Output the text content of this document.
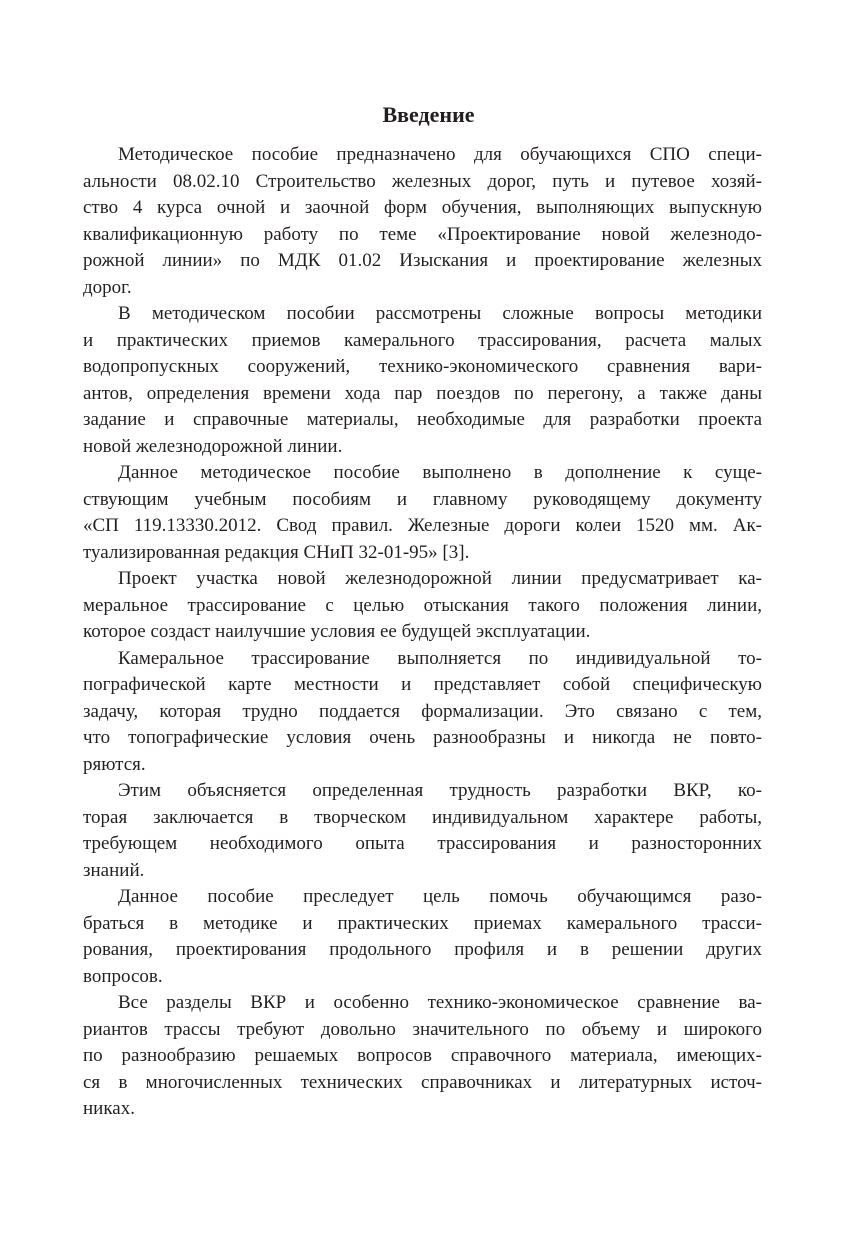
Введение
Методическое пособие предназначено для обучающихся СПО специ-
альности 08.02.10 Строительство железных дорог, путь и путевое хозяй-
ство 4 курса очной и заочной форм обучения, выполняющих выпускную
квалификационную работу по теме «Проектирование новой железнодо-
рожной линии» по МДК 01.02 Изыскания и проектирование железных
дорог.
В методическом пособии рассмотрены сложные вопросы методики
и практических приемов камерального трассирования, расчета малых
водопропускных сооружений, технико-экономического сравнения вари-
антов, определения времени хода пар поездов по перегону, а также даны
задание и справочные материалы, необходимые для разработки проекта
новой железнодорожной линии.
Данное методическое пособие выполнено в дополнение к суще-
ствующим учебным пособиям и главному руководящему документу
«СП 119.13330.2012. Свод правил. Железные дороги колеи 1520 мм. Ак-
туализированная редакция СНиП 32-01-95» [3].
Проект участка новой железнодорожной линии предусматривает ка-
меральное трассирование с целью отыскания такого положения линии,
которое создаст наилучшие условия ее будущей эксплуатации.
Камеральное трассирование выполняется по индивидуальной то-
пографической карте местности и представляет собой специфическую
задачу, которая трудно поддается формализации. Это связано с тем,
что топографические условия очень разнообразны и никогда не повто-
ряются.
Этим объясняется определенная трудность разработки ВКР, ко-
торая заключается в творческом индивидуальном характере работы,
требующем необходимого опыта трассирования и разносторонних
знаний.
Данное пособие преследует цель помочь обучающимся разо-
браться в методике и практических приемах камерального трасси-
рования, проектирования продольного профиля и в решении других
вопросов.
Все разделы ВКР и особенно технико-экономическое сравнение ва-
риантов трассы требуют довольно значительного по объему и широкого
по разнообразию решаемых вопросов справочного материала, имеющих-
ся в многочисленных технических справочниках и литературных источ-
никах.
